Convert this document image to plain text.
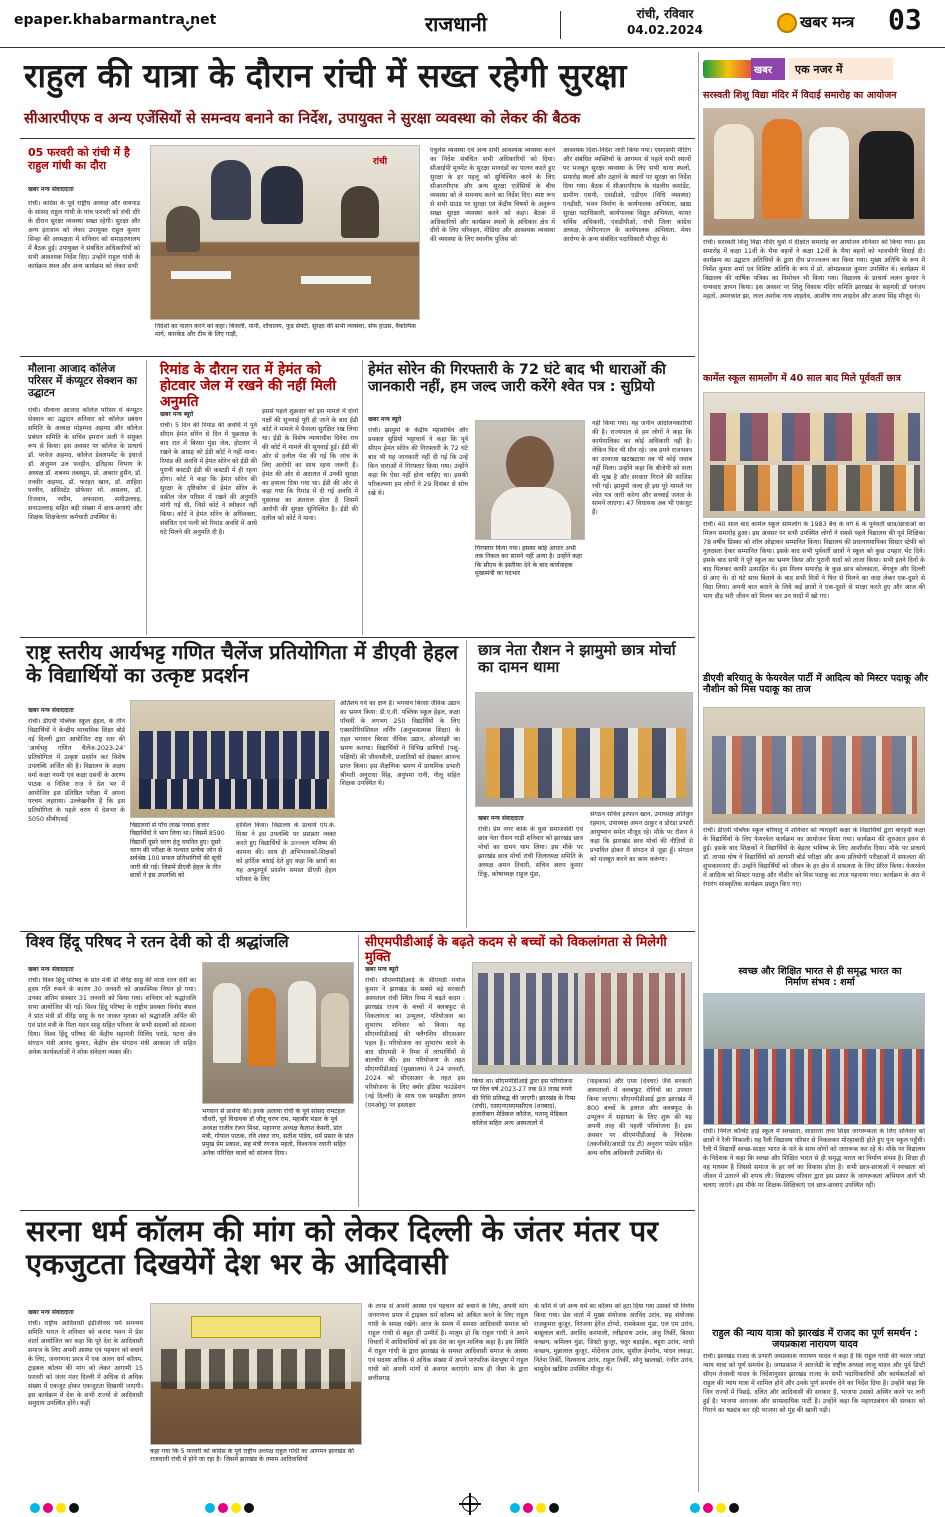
epaper.khabarmantra.net	राजधानी	रांची, रविवार
04.02.2024	खबर मन्त्र 03
राहुल की यात्रा के दौरान रांची में सख्त रहेगी सुरक्षा
सीआरपीएफ व अन्य एजेंसियों से समन्वय बनाने का निर्देश, उपायुक्त ने सुरक्षा व्यवस्था को लेकर की बैठक
05 फरवरी को रांची में है राहुल गांधी का दौरा
खबर मन्त्र संवाददाता
रांची। कांग्रेस के पूर्व राष्ट्रीय अध्यक्ष और वायनाड के सांसद राहुल गांधी के पांच फरवरी को रांची दौरे के दौरान सुरक्षा व्यवस्था सख्त रहेगी। सुरक्षा और अन्य इंतजाम को लेकर उपायुक्त राहुल कुमार सिन्हा की अध्यक्षता में शनिवार को समाहरणालय में बैठक हुई। उपायुक्त ने संबंधित अधिकारियों को सभी आवश्यक निर्देश दिए। उन्होंने राहुल गांधी के कार्यक्रम स्थल और अन्य कार्यक्रम को लेकर सभी
रांची
निर्देशों का पालन करने को कहा। बिजली, पानी, शौचालय, फूड सेफ्टी, सुरक्षा की सभी व्यवस्था, सेफ हाउस, वैकल्पिक मार्ग, कारकेड और टीम के लिए गाड़ी,
एंबुलेंस व्यवस्था एवं अन्य सभी आवश्यक व्यवस्था करने का निर्देश संबंधित सभी अधिकारियों को दिया। सीआईपी मूवमेंट के सुरक्षा मानदंडों का पालन करते हुए सुरक्षा के हर पहलू को सुनिश्चित करने के लिए सीआरपीएफ और अन्य सुरक्षा एजेंसियों के बीच व्यवस्था को ले समन्वय करने का निर्देश दिए। स्पष्ट रूप से सभी ग्राउंड पर सुरक्षा एवं केंद्रीय विषयों के अनुरूप सख्त सुरक्षा व्यवस्था करने को कहा। बैठक में अधिकारियों और कार्यक्रम स्थलों के अधिकार क्षेत्र में दौरों के लिए परिवहन, मीडिया और आवश्यक व्यवस्था की व्यवस्था के लिए स्थानीय पुलिस को
आवश्यक दिशा-निर्देश जारी किया गया। एसएसपी मीटिंग और संबंधित व्यक्तियों के आगमन से पहले सभी स्थानों पर मजबूत सुरक्षा व्यवस्था के लिए सभी थाना स्थलों, समारोह स्थलों और ठहरने के स्थानों पर सुरक्षा का निर्देश दिया गया। बैठक में सीआरपीएफ के मंडलीय कमांडेंट, ग्रामीण एसपी, एसडीओ, एडीएम (विधि व्यवस्था) एनडीसी, भवन निर्माण के कार्यपालक अभियंता, खाद्य सुरक्षा पदाधिकारी, कार्यपालक विद्युत अभियंता, फायर सर्विस अधिकारी, एसडीपीओ, रांची जिला कांग्रेस अध्यक्ष, जेपीएनएल के कार्यपालक अभियंता, मेयर आरोग्य के अन्य संबंधित पदाधिकारी मौजूद थे।
मौलाना आजाद कॉलेज परिसर में कंप्यूटर सेक्शन का उद्घाटन
रांची। मौलाना आजाद कॉलेज परिसर में कंप्यूटर सेक्शन का उद्घाटन शनिवार को कॉलेज प्रबंधन समिति के अध्यक्ष मोहम्मद अहमद और कॉलेज प्रबंधन समिति के सचिव इमरान अली ने संयुक्त रूप से किया। इस अवसर पर कॉलेज के प्राचार्य डॉ. परवेज अहमद, कॉलेज डेवलपमेंट के इंचार्ज डॉ. अंजुमन उल फरहीन, इतिहास विभाग के अध्यक्ष डॉ. शबनम तबस्सुम, प्रो. अबरार हुसैन, डॉ. तनवीर अहमद, डॉ. फरहत खान, डॉ. शाहिदा परवीन, असिस्टेंट प्रोफेसर मो. असलम, डॉ. रिजवान, नसीम, अफसाना, समीउल्लाह, सनाउल्लाह सहित बड़ी संख्या में छात्र-छात्राएं और शिक्षक शिक्षकेत्तर कर्मचारी उपस्थित थे।
रिमांड के दौरान रात में हेमंत को होटवार जेल में रखने की नहीं मिली अनुमति
खबर मन्त्र ब्यूरो
रांची। 5 दिन की रिमांड की अवधि में पूर्व सीएम हेमंत सोरेन से दिन में पूछताछ के बाद रात में बिरसा मुंडा जेल, होटवार में रखने के आग्रह को ईडी कोर्ट ने नहीं माना। रिमांड की अवधि में हेमंत सोरेन को ईडी की पुरानी कस्टडी ईडी की कस्टडी में ही रहना होगा। कोर्ट ने कहा कि हेमंत सोरेन की सुरक्षा के दृष्टिकोण से हेमंत सोरेन के वकील जेल परिसर में रखने की अनुमति मांगी गई थी, जिसे कोर्ट ने स्वीकार नहीं किया। कोर्ट ने हेमंत सोरेन के अधिवक्ता, संबंधित एवं पत्नी को रिमांड अवधि में आधे घंटे मिलने की अनुमति दी है।
इससे पहले शुक्रवार को इस मामले में दोनों पक्षों की सुनवाई पूरी हो जाने के बाद ईडी कोर्ट ने मामले में फैसला सुरक्षित रख लिया था। ईडी के विशेष न्यायाधीश दिनेश राय की कोर्ट में मामले की सुनवाई हुई। ईडी की ओर से दलील पेश की गई कि जांच के लिए आरोपी का साथ रहना जरूरी है। हेमंत की ओर से अदालत में उनकी सुरक्षा का हवाला दिया गया था। ईडी की ओर से कहा गया कि रिमांड में दी गई अवधि में पूछताछ का अंतराल होता है जिसमें आरोपी की सुरक्षा सुनिश्चित है। ईडी की दलील को कोर्ट ने माना।
हेमंत सोरेन की गिरफ्तारी के 72 घंटे बाद भी धाराओं की जानकारी नहीं, हम जल्द जारी करेंगे श्वेत पत्र : सुप्रियो
खबर मन्त्र ब्यूरो
रांची। झामुमो के केंद्रीय महासचिव और प्रवक्ता सुप्रियो भट्टाचार्य ने कहा कि पूर्व सीएम हेमंत सोरेन की गिरफ्तारी के 72 घंटे बाद भी यह जानकारी नहीं दी गई कि उन्हें किन धाराओं में गिरफ्तार किया गया। उन्होंने कहा कि ऐसा नहीं होना चाहिए था। इसकी परिकल्पना हम लोगों ने 29 दिसंबर से सोच रखे थे।
गिरफ्तार किया गया। इसका कोई आधार अभी तक निकल कर सामने नहीं आया है। उन्होंने कहा कि सीएम के इस्तीफा देने के बाद कार्यवाहक मुख्यमंत्री का पदभार
नहीं किया गया। यह जनीन आंदोलनकारियों की है। राज्यपाल से हम लोगों ने कहा कि कार्यपालिका का कोई अधिकारी नहीं है। लेकिन फिर भी मौन रहे। जब हमने राजभवन का दरवाजा खटखटाया तब भी कोई जवाब नहीं मिला। उन्होंने कहा कि बीजेपी को सत्ता की भूख है और सरकार गिराने की साजिश रची गई। झामुमो जल्द ही इस पूरे मामले पर श्वेत पत्र जारी करेगा और सच्चाई जनता के सामने लाएगा। 47 विधायक अब भी एकजुट हैं।
राष्ट्र स्तरीय आर्यभट्ट गणित चैलेंज प्रतियोगिता में डीएवी हेहल के विद्यार्थियों का उत्कृष्ट प्रदर्शन
खबर मन्त्र संवाददाता
रांची। डीएवी पब्लिक स्कूल हेहल, के तीन विद्यार्थियों ने केन्द्रीय माध्यमिक शिक्षा बोर्ड नई दिल्ली द्वारा आयोजित राष्ट्र स्तर की 'आर्यभट्ट गणित चैलेंज-2023-24' प्रतियोगिता में उत्कृष्ट प्रदर्शन कर विशेष उपलब्धि अर्जित की है। विद्यालय के अक्षय वर्मा कक्षा नवमी एवं कक्षा दसवीं के अरण्य पाठक व नितिश राज ने देश भर में आयोजित इस प्रतिष्ठित परीक्षा में अपना परचम लहराया। उल्लेखनीय है कि इस प्रतियोगिता के पहले चरण में देशभर के 5050 सीबीएसई
विद्यालयों से पाँच लाख पचास हजार विद्यार्थियों ने भाग लिया था। जिसमें 8590 विद्यार्थी दूसरे चरण हेतु चयनित हुए। दूसरे चरण की परीक्षा के पश्चात प्रत्येक जोन से सर्वश्रेष्ठ 100 सफल प्रतिभागियों की सूची जारी की गई। जिसमें डीएवी हेहल के तीन छात्रों ने इस उपलब्धि को
हासिल किया। विद्यालय के प्राचार्य एम.के. मिश्रा ने इस उपलब्धि पर प्रसन्नता व्यक्त करते हुए विद्यार्थियों के उज्ज्वल भविष्य की कामना की। साथ ही अभिभावकों-शिक्षकों को हार्दिक बधाई देते हुए कहा कि छात्रों का यह अभूतपूर्व प्रदर्शन समस्त डीएवी हेहल परिवार के लिए
अतिशय गर्व का क्षण है। भगवान बिरसा जैविक उद्यान का भ्रमण किया: डी.ए.वी. पब्लिक स्कूल हेहल, कक्षा पाँचवीं के लगभग 250 विद्यार्थियों के लिए एक्सपीरियंशियल लर्निंग (अनुभवात्मक शिक्षा) के तहत भगवान बिरसा जैविक उद्यान, ओरमांझी का भ्रमण कराया। विद्यार्थियों ने विभिन्न प्राणियों (पशु-पक्षियों) की जीवनशैली, प्रजातियों को देखकर आनन्द प्राप्त किया। इस शैक्षणिक भ्रमण में प्राथमिक प्रभारी श्रीमती अनुराधा सिंह, अनुपमा रानी, नीलू सहित शिक्षक उपस्थित थे।
छात्र नेता रौशन ने झामुमो छात्र मोर्चा का दामन थामा
खबर मन्त्र संवाददाता
रांची। प्रेम नगर कांके के युवा समाजसेवी एवं छात्र नेता रौशन गाड़ी शनिवार को झारखंड छात्र मोर्चा का दामन थाम लिया। इस मौके पर झारखंड छात्र मोर्चा रांची जिलाध्यक्ष समिति के अध्यक्ष अमन तिवारी, सचिव अरुप कुमार टिंकू, कोषाध्यक्ष राहुल मुंडा,
संगठन सचिव इरफान खान, उपाध्यक्ष अतिकुर रहमान, उपाध्यक्ष अमन ठाकुर व डोरंडा प्रभारी आयुष्मान समेत मौजूद रहे। मौके पर रौशन ने कहा कि झारखंड छात्र मोर्चा की नीतियों से प्रभावित होकर मैं संगठन से जुड़ा हूँ। संगठन को मजबूत करने का काम करूंगा।
विश्व हिंदू परिषद ने रतन देवी को दी श्रद्धांजलि
खबर मन्त्र संवाददाता
रांची। विश्व हिंदू परिषद के प्रांत मंत्री डॉ वीरेंद्र साहु की माता रतन देवी का हृदय गति रुकने के कारण 30 जनवरी को आकस्मिक निधन हो गया। उनका अंतिम संस्कार 31 जनवरी को किया गया। शनिवार को श्रद्धांजलि सभा आयोजित की गई। विश्व हिंदू परिषद के राष्ट्रीय प्रवक्ता विनोद बंसल ने प्रांत मंत्री डॉ वीरेंद्र साहु के घर जाकर मृतका को श्रद्धांजलि अर्पित की एवं प्रांत मंत्री के पिता मदन साहु सहित परिवार के सभी सदस्यों को सांत्वना दिया। विश्व हिंदू परिषद की केंद्रीय महामंत्री मिलिंद परांडे, पटना क्षेत्र संगठन मंत्री आनंद कुमार, केंद्रीय क्षेत्र संगठन मंत्री आकाश जी सहित अनेक कार्यकर्ताओं ने शोक संवेदना व्यक्त की।
भगवान से प्रार्थना की। इनके अलावा रांची के पूर्व सांसद रामटहल चौधरी, पूर्व विधायक डॉ जीतू चरण राम, महाबीर मंडल के पूर्व अध्यक्ष राजीव रंजन मिश्रा, महानगर अध्यक्ष कैलाश केसरी, प्रांत मंत्री, गोपाल पाठक, रवि शंकर राय, सतीश पांडेय, धर्म प्रसार के प्रांत प्रमुख प्रेम प्रकाश, सह मंत्री रंगनाथ महतो, विश्वनाथ रवानी सहित अनेक परिचित वालों को सांत्वना दिया।
सीएमपीडीआई के बढ़ते कदम से बच्चों को विकलांगता से मिलेगी मुक्ति
खबर मन्त्र ब्यूरो
रांची। सीएमपीडीआई के सीएमडी मनोज कुमार ने झारखंड के सबसे बड़े सरकारी अस्पताल रांची स्थित रिम्स में बढ़ते कदम : झारखंड राज्य के बच्चों में क्लबफुट से विकलांगता का उन्मूलन, परियोजना का शुभारंभ शनिवार को किया। यह सीएमपीडीआई की फ्लैगशिप सीएसआर पहल है। परियोजना का शुभारंभ करने के बाद सीएमडी ने रिम्स में लाभार्थियों से बातचीत की। इस परियोजना के तहत सीएमपीडीआई (मुख्यालय) ने 24 जनवरी, 2024 को सीएसआर के तहत इस परियोजना के लिए क्योर इंडिया फाउंडेशन (नई दिल्ली) के साथ एक समझौता ज्ञापन (एमओयू) पर हस्ताक्षर
किया था। सीएमपीडीआई द्वारा इस परियोजना पर वित्त वर्ष 2023-27 तक 93 लाख रुपये की निधि प्रतिबद्ध की जाएगी। झारखंड के रिम्स (रांची), एसएनएमएमसीएच (धनबाद), हजारीबाग मेडिकल कॉलेज, पलामू मेडिकल कॉलेज सहित अन्य अस्पतालों में
(पाइकास) और एम्स (देवघर) जैसे सरकारी अस्पतालों में क्लबफुट रोगियों का उपचार किया जाएगा। सीएमपीडीआई द्वारा झारखंड में 800 बच्चों के इलाज और क्लबफुट के उन्मूलन में सहायता के लिए शुरू की यह अपनी तरह की पहली परियोजना है। इस अवसर पर सीएमपीडीआई के निदेशक (तकनीकी/आरडी एंड टी) अनुराग पांडेय सहित अन्य वरीय अधिकारी उपस्थित थे।
सरना धर्म कॉलम की मांग को लेकर दिल्ली के जंतर मंतर पर एकजुटता दिखयेगें देश भर के आदिवासी
खबर मन्त्र संवाददाता
रांची। राष्ट्रीय आदिवासी इंडीजीनस धर्म समन्वय समिति भारत ने शनिवार को करमा भवन में प्रेस वार्ता आयोजित कर कहा कि पूरे देश के आदिवासी समाज के लिए अपनी आस्था एवं पहचान को बचाने के लिए, जनगणना प्रपत्र में एक अलग धर्म कॉलम, ट्राइबल कॉलम की मांग को लेकर आगामी 15 फरवरी को जंतर मंतर दिल्ली में अधिक से अधिक संख्या में एकजुट होकर एकजुटता दिखायी जाएगी। इस कार्यक्रम में देश के सभी राज्यों से आदिवासी समुदाय उपस्थित होंगे। कहीं
कहा गया कि 5 फरवरी को कांग्रेस के पूर्व राष्ट्रीय अध्यक्ष राहुल गांधी का आगमन झारखंड की राजधानी रांची में होने जा रहा है। जिसमें झारखंड के तमाम आदिवासियों
के तरफ से अपनी आस्था एवं पहचान को बचाने के लिए, अपनी मांग जनगणना प्रपत्र में ट्राइबल धर्म कॉलम को अंकित करने के लिए राहुल गांधी के समक्ष रखेंगे। आज के समय में समस्त आदिवासी समाज को राहुल गांधी से बहुत ही उम्मीदें हैं। मालूम हो कि राहुल गांधी ने अपने विचारों में आदिवासियों को इस देश का मूल मालिक कहा है। इस स्थिति में राहुल गांधी के द्वारा झारखंड के समस्त आदिवासी समाज के आस्था एवं सदस्य अधिक से अधिक संख्या में अपने पारंपरिक वेशभूषा में राहुल गांधी को अपनी मांगों से अवगत कराएंगे। साथ ही जैसा के द्वारा छत्तीसगढ़
के फॉर्म में जो अन्य धर्म का कॉलम को हटा दिया गया उसको भी निर्णय किया गया। प्रेस वार्ता में मुख्य संयोजक अरविंद उरांव, सह संयोजक राजकुमार कुजूर, निरंजना हेरेंज टोप्पो, रामकेश्वर मुंडा, एल एम उरांव, बाबूलाल बारी, अरविंद करमाली, रवींद्रनाथ उरांव, अंजु तिर्की, बिरसा कच्छप, कमिलन मुंडा, जिस्टो कुजूर, चतुर बड़ाईक, बहुरा उरांव, माधो कच्छप, मुन्नालाल कुजूर, मोदेंनाथ उरांव, सुशील हेमरोम, पांदन लकड़ा, नितेश तिर्की, विश्वनाथ उरांव, राहुल तिर्की, सोनू खालखो, रंजीत उरांव, बासुदेव खडिया उपस्थित मौजूद थे।
खबर	एक नजर में
सरस्वती शिशु विद्या मंदिर में विदाई समारोह का आयोजन
रांची। सरस्वती शिशु विद्या मंदिर धुर्वा में दीक्षांत समारोह का आयोजन शनिवार को किया गया। इस समारोह में कक्षा 11वीं के भैया बहनों ने कक्षा 12वीं के भैया बहनों को भावभीनी विदाई दी। कार्यक्रम का उद्घाटन अतिथियों के द्वारा दीप प्रज्ज्वलन कर किया गया। मुख्य अतिथि के रूप में निर्मेश कुमार शर्मा एवं विशिष्ट अतिथि के रूप में प्रो. ओमप्रकाश कुमार उपस्थित थे। कार्यक्रम में विद्यालय की वार्षिक पत्रिका का विमोचन भी किया गया। विद्यालय के प्राचार्य ललन कुमार ने धन्यवाद ज्ञापन किया। इस अवसर पर शिशु विकास मंदिर समिति झारखंड के सहमंत्री डॉ धनंजय महतो, अमरकांत झा, लाल अशोक नाथ शाहदेव, आशीष नाथ शाहदेव और अजय सिंह मौजूद थे।
कार्मेल स्कूल सामलोंग में 40 साल बाद मिले पूर्ववर्ती छात्र
रांची। 40 साल बाद कार्मेल स्कूल सामलोंग के 1983 बैच के वर्ग 6 के पूर्ववर्ती छात्र/छात्राओं का मिलन समारोह हुआ। इस अवसर पर सभी उपस्थित लोगों ने सबसे पहले विद्यालय की पूर्व शिक्षिका 78 वर्षीय प्रिस्का को शॉल ओढ़ाकर सम्मानित किया। विद्यालय की प्रधानाध्यापिका सिस्टर स्टेफी को गुलदस्ता देकर सम्मानित किया। इसके बाद सभी पूर्ववर्ती छात्रों ने स्कूल को कुछ उपहार भेंट दिये। इसके बाद सभी ने पूरे स्कूल का भ्रमण किया और पुरानी यादों को ताजा किया। सभी इतने दिनों के बाद मिलकर काफी उत्साहित थे। इस मिलन समारोह के कुछ छात्र कोलकाता, बेंगलुरु और दिल्ली से आए थे। दो घंटे साथ बिताने के बाद सभी मित्रों ने फिर से मिलने का वादा लेकर एक-दूसरे से विदा लिया। अपनी बात बताने के लिये कई छात्रों ने एक-दूसरे से साक्षा करते हुए और आज की भाग दौड़ भरी जीवन को मिलन कर उन यादों में खो गए।
डीएवी बरियातू के फेयरवेल पार्टी में आदित्य को मिस्टर पदाकू और नौशीन को मिस पदाकू का ताज
रांची। डीएवी पब्लिक स्कूल बरियातू में शनिवार को ग्यारहवीं कक्षा के विद्यार्थियों द्वारा बारहवीं कक्षा के विद्यार्थियों के लिए फेयरवेल कार्यक्रम का आयोजन किया गया। कार्यक्रम की शुरुआत हवन से हुई। इसके बाद शिक्षकों ने विद्यार्थियों के बेहतर भविष्य के लिए आशीर्वाद दिया। मौके पर प्राचार्य डॉ. तापस घोष ने विद्यार्थियों को आगामी बोर्ड परीक्षा और अन्य प्रतियोगी परीक्षाओं में सफलता की शुभकामनाएं दीं। उन्होंने विद्यार्थियों को जीवन के हर क्षेत्र में सफलता के लिए प्रेरित किया। फेयरवेल में आदित्य को मिस्टर पदाकू और नौशीन को मिस पदाकू का ताज पहनाया गया। कार्यक्रम के अंत में रंगारंग सांस्कृतिक कार्यक्रम प्रस्तुत किए गए।
स्वच्छ और शिक्षित भारत से ही समृद्ध भारत का निर्माण संभव : शर्मा
रांची। निर्मल कॉन्वेंट हाई स्कूल में स्वच्छता, साक्षरता तथा शिक्षा जागरूकता के लिए शनिवार को छात्रों ने रैली निकाली। यह रैली विद्यालय परिसर से निकलकर मोरहाबादी होते हुए पुनः स्कूल पहुँची। रैली में विद्यार्थी स्वच्छ-साक्षर भारत के नारे के साथ लोगों को जागरूक कर रहे थे। मौके पर विद्यालय के निदेशक ने कहा कि स्वच्छ और शिक्षित भारत से ही समृद्ध भारत का निर्माण संभव है। शिक्षा ही वह माध्यम है जिससे समाज के हर वर्ग का विकास होता है। सभी छात्र-छात्राओं ने स्वच्छता को जीवन में उतारने की शपथ ली। विद्यालय परिवार द्वारा इस प्रकार के जागरूकता अभियान आगे भी चलाए जाएंगे। इस मौके पर शिक्षक-शिक्षिकाएं एवं छात्र-छात्राएं उपस्थित रहीं।
राहुल की न्याय यात्रा को झारखंड में राजद का पूर्ण समर्थन : जयप्रकाश नारायण यादव
रांची। झारखंड राजद के प्रभारी जयप्रकाश नारायण यादव ने कहा है कि राहुल गांधी की भारत जोड़ो न्याय यात्रा को पूर्ण समर्थन है। जयप्रकाश ने आरजेडी के राष्ट्रीय अध्यक्ष लालू यादव और पूर्व डिप्टी सीएम तेजस्वी यादव के निर्देशानुसार झारखंड राजद के सभी पदाधिकारियों और कार्यकर्ताओं को राहुल की न्याय यात्रा में शामिल होने और उनके पूर्ण समर्थन देने का निर्देश दिया है। उन्होंने कहा कि जिन राज्यों में पिछड़े, दलित और आदिवासी की सरकार है, भाजपा उसको अस्थिर करने पर लगी हुई है। भाजपा अराजक और साम्प्रदायिक पार्टी है। उन्होंने कहा कि महागठबंधन की सरकार को गिराने का षड्यंत्र कर रही भाजपा को मुंह की खानी पड़ी।
